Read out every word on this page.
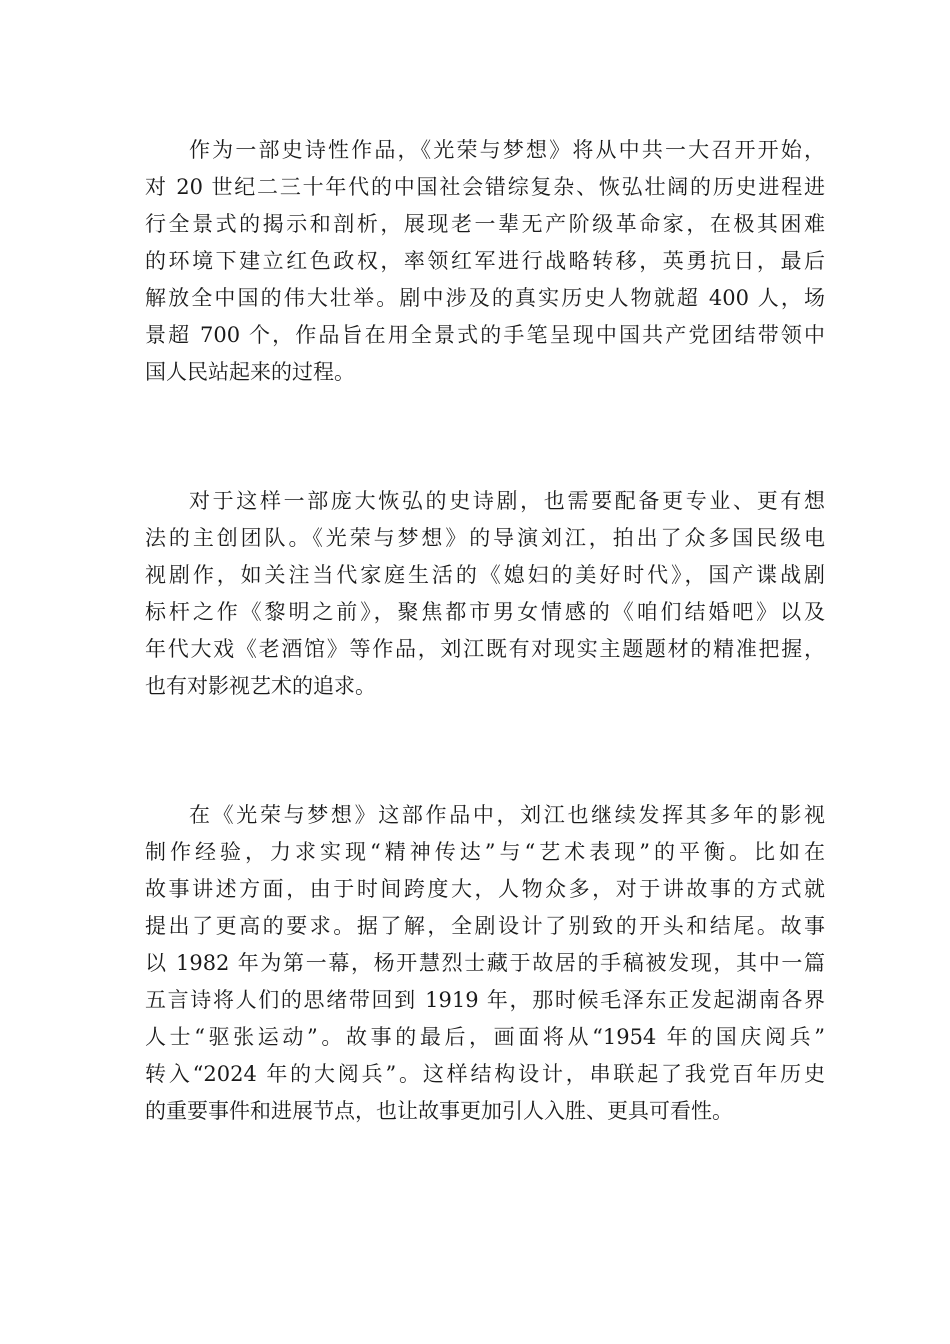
作为一部史诗性作品，《光荣与梦想》将从中共一大召开开始，
对 20 世纪二三十年代的中国社会错综复杂、恢弘壮阔的历史进程进
行全景式的揭示和剖析，展现老一辈无产阶级革命家，在极其困难
的环境下建立红色政权，率领红军进行战略转移，英勇抗日，最后
解放全中国的伟大壮举。剧中涉及的真实历史人物就超 400 人，场
景超 700 个，作品旨在用全景式的手笔呈现中国共产党团结带领中
国人民站起来的过程。
对于这样一部庞大恢弘的史诗剧，也需要配备更专业、更有想
法的主创团队。《光荣与梦想》的导演刘江，拍出了众多国民级电
视剧作，如关注当代家庭生活的《媳妇的美好时代》，国产谍战剧
标杆之作《黎明之前》，聚焦都市男女情感的《咱们结婚吧》以及
年代大戏《老酒馆》等作品，刘江既有对现实主题题材的精准把握，
也有对影视艺术的追求。
在《光荣与梦想》这部作品中，刘江也继续发挥其多年的影视
制作经验，力求实现“精神传达”与“艺术表现”的平衡。比如在
故事讲述方面，由于时间跨度大，人物众多，对于讲故事的方式就
提出了更高的要求。据了解，全剧设计了别致的开头和结尾。故事
以 1982 年为第一幕，杨开慧烈士藏于故居的手稿被发现，其中一篇
五言诗将人们的思绪带回到 1919 年，那时候毛泽东正发起湖南各界
人士“驱张运动”。故事的最后，画面将从“1954 年的国庆阅兵”
转入“2024 年的大阅兵”。这样结构设计，串联起了我党百年历史
的重要事件和进展节点，也让故事更加引人入胜、更具可看性。
